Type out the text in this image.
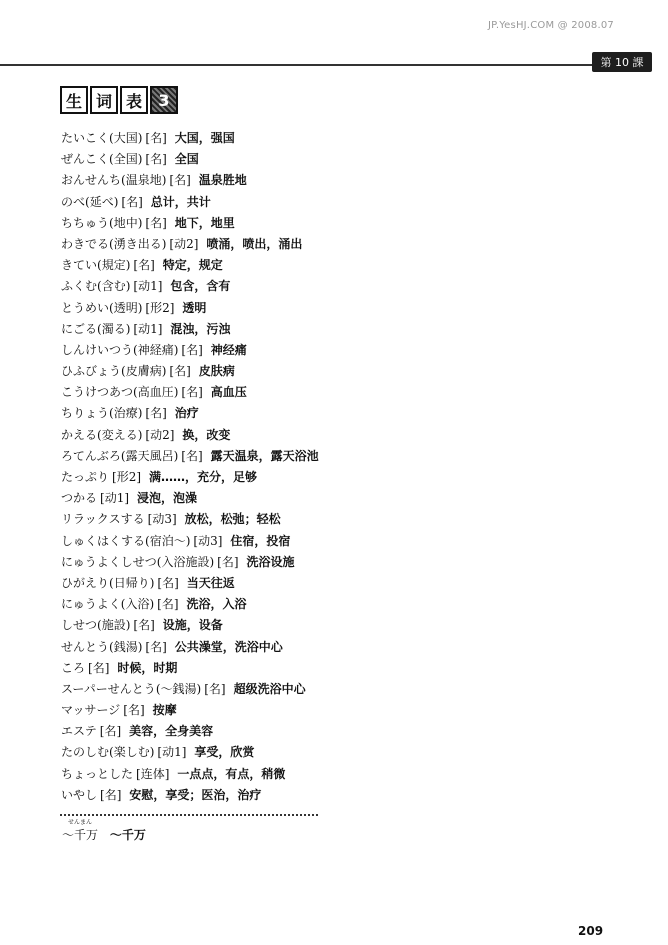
JP.YesHJ.COM @ 2008.07
第 10 課
生 词 表	3
たいこく(大国) [名] 大国，强国
ぜんこく(全国) [名] 全国
おんせんち(温泉地) [名] 温泉胜地
のべ(延べ) [名] 总计，共计
ちちゅう(地中) [名] 地下，地里
わきでる(湧き出る) [动2] 喷涌，喷出，涌出
きてい(規定) [名] 特定，规定
ふくむ(含む) [动1] 包含，含有
とうめい(透明) [形2] 透明
にごる(濁る) [动1] 混浊，污浊
しんけいつう(神経痛) [名] 神经痛
ひふびょう(皮膚病) [名] 皮肤病
こうけつあつ(高血圧) [名] 高血压
ちりょう(治療) [名] 治疗
かえる(変える) [动2] 换，改变
ろてんぶろ(露天風呂) [名] 露天温泉，露天浴池
たっぷり [形2] 满……，充分，足够
つかる [动1] 浸泡，泡澡
リラックスする [动3] 放松，松弛；轻松
しゅくはくする(宿泊～) [动3] 住宿，投宿
にゅうよくしせつ(入浴施設) [名] 洗浴设施
ひがえり(日帰り) [名] 当天往返
にゅうよく(入浴) [名] 洗浴，入浴
しせつ(施設) [名] 设施，设备
せんとう(銭湯) [名] 公共澡堂，洗浴中心
ころ [名] 时候，时期
スーパーせんとう(～銭湯) [名] 超级洗浴中心
マッサージ [名] 按摩
エステ [名] 美容，全身美容
たのしむ(楽しむ) [动1] 享受，欣赏
ちょっとした [连体] 一点点，有点，稍微
いやし [名] 安慰，享受；医治，治疗
せんまん
～千万 ～千万
209
